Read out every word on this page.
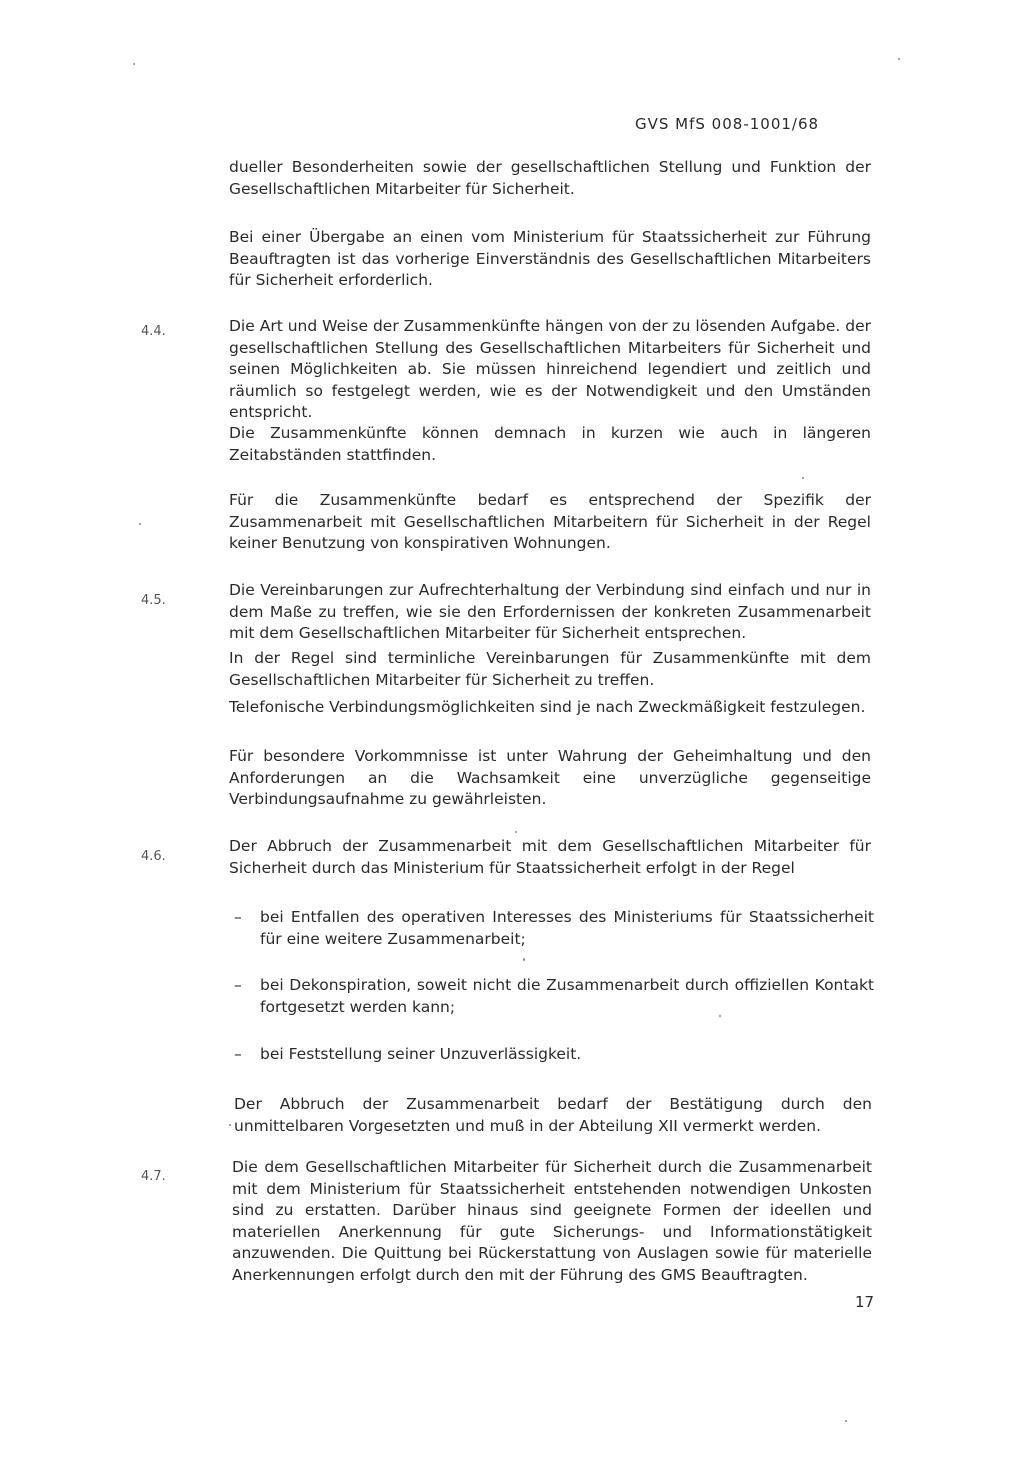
GVS MfS 008-1001/68
dueller Besonderheiten sowie der gesellschaftlichen Stellung und Funktion der Gesellschaftlichen Mitarbeiter für Sicherheit.
Bei einer Übergabe an einen vom Ministerium für Staatssicherheit zur Führung Beauftragten ist das vorherige Einverständnis des Gesellschaftlichen Mitarbeiters für Sicherheit erforderlich.
4.4.	Die Art und Weise der Zusammenkünfte hängen von der zu lösenden Aufgabe. der gesellschaftlichen Stellung des Gesellschaftlichen Mitarbeiters für Sicherheit und seinen Möglichkeiten ab. Sie müssen hinreichend legendiert und zeitlich und räumlich so festgelegt werden, wie es der Notwendigkeit und den Umständen entspricht.
Die Zusammenkünfte können demnach in kurzen wie auch in längeren Zeitabständen stattfinden.
Für die Zusammenkünfte bedarf es entsprechend der Spezifik der Zusammenarbeit mit Gesellschaftlichen Mitarbeitern für Sicherheit in der Regel keiner Benutzung von konspirativen Wohnungen.
4.5.
Die Vereinbarungen zur Aufrechterhaltung der Verbindung sind einfach und nur in dem Maße zu treffen, wie sie den Erfordernissen der konkreten Zusammenarbeit mit dem Gesellschaftlichen Mitarbeiter für Sicherheit entsprechen.
In der Regel sind terminliche Vereinbarungen für Zusammenkünfte mit dem Gesellschaftlichen Mitarbeiter für Sicherheit zu treffen.
Telefonische Verbindungsmöglichkeiten sind je nach Zweckmäßigkeit festzulegen.
Für besondere Vorkommnisse ist unter Wahrung der Geheimhaltung und den Anforderungen an die Wachsamkeit eine unverzügliche gegenseitige Verbindungsaufnahme zu gewährleisten.
4.6.
Der Abbruch der Zusammenarbeit mit dem Gesellschaftlichen Mitarbeiter für Sicherheit durch das Ministerium für Staatssicherheit erfolgt in der Regel
– bei Entfallen des operativen Interesses des Ministeriums für Staatssicherheit für eine weitere Zusammenarbeit;
– bei Dekonspiration, soweit nicht die Zusammenarbeit durch offiziellen Kontakt fortgesetzt werden kann;
– bei Feststellung seiner Unzuverlässigkeit.
Der Abbruch der Zusammenarbeit bedarf der Bestätigung durch den unmittelbaren Vorgesetzten und muß in der Abteilung XII vermerkt werden.
4.7.
Die dem Gesellschaftlichen Mitarbeiter für Sicherheit durch die Zusammenarbeit mit dem Ministerium für Staatssicherheit entstehenden notwendigen Unkosten sind zu erstatten. Darüber hinaus sind geeignete Formen der ideellen und materiellen Anerkennung für gute Sicherungs- und Informationstätigkeit anzuwenden. Die Quittung bei Rückerstattung von Auslagen sowie für materielle Anerkennungen erfolgt durch den mit der Führung des GMS Beauftragten.
17
